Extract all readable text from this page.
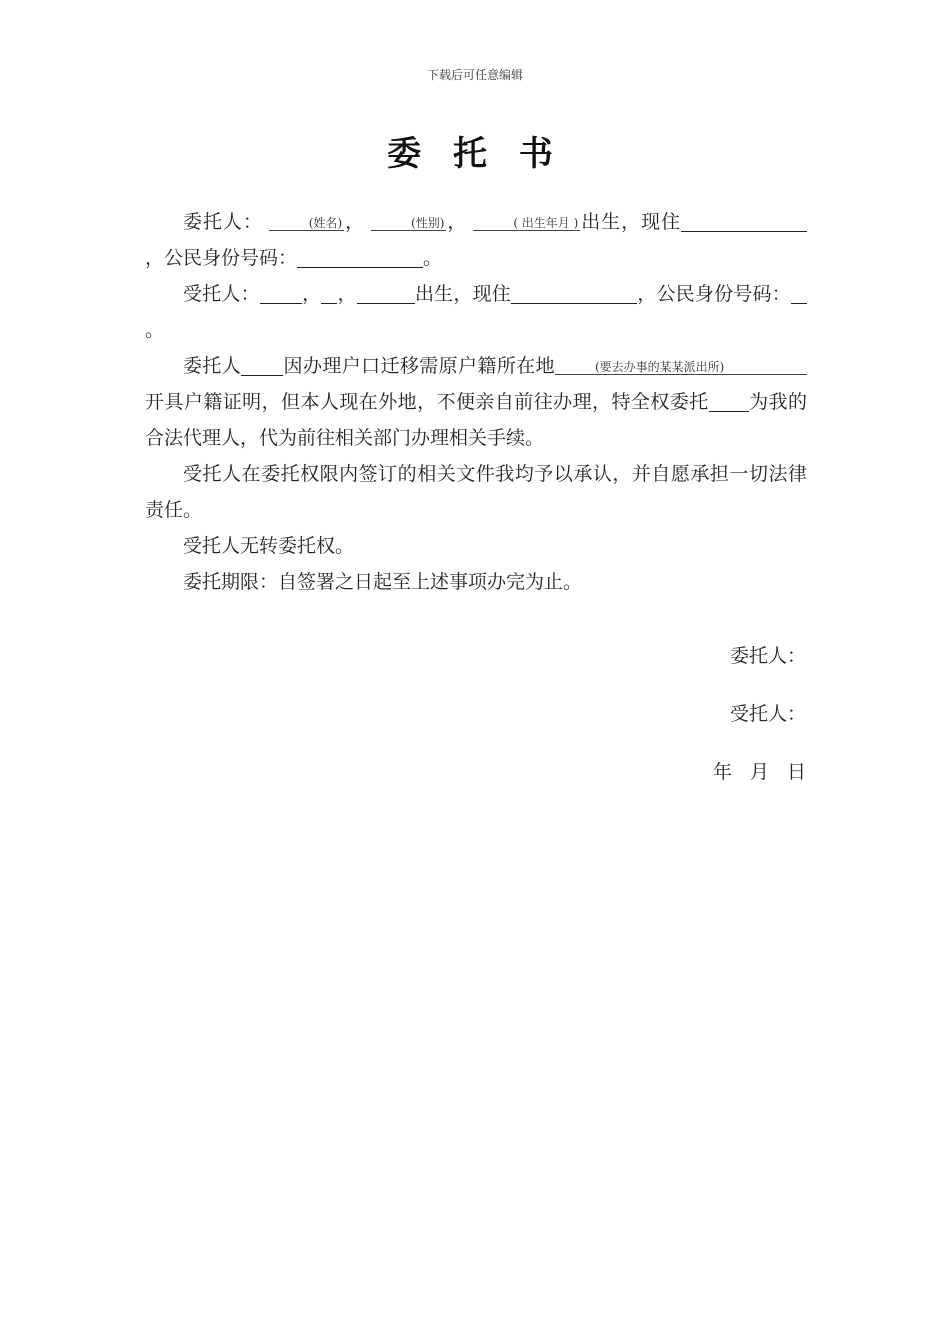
下载后可任意编辑
委 托 书

委托人：	(姓名) ，	(性别) ，	( 出生年月 ) 出生，现住，公民身份号码：	。

受托人： ， ，	出生，现住	，公民身份号码：。

委托人 因办理户口迁移需原户籍所在地	(要去办事的某某派出所)开具户籍证明，但本人现在外地，不便亲自前往办理，特全权委托 为我的合法代理人，代为前往相关部门办理相关手续。

受托人在委托权限内签订的相关文件我均予以承认，并自愿承担一切法律责任。

受托人无转委托权。

委托期限：自签署之日起至上述事项办完为止。

委托人：
受托人：
年 月 日
